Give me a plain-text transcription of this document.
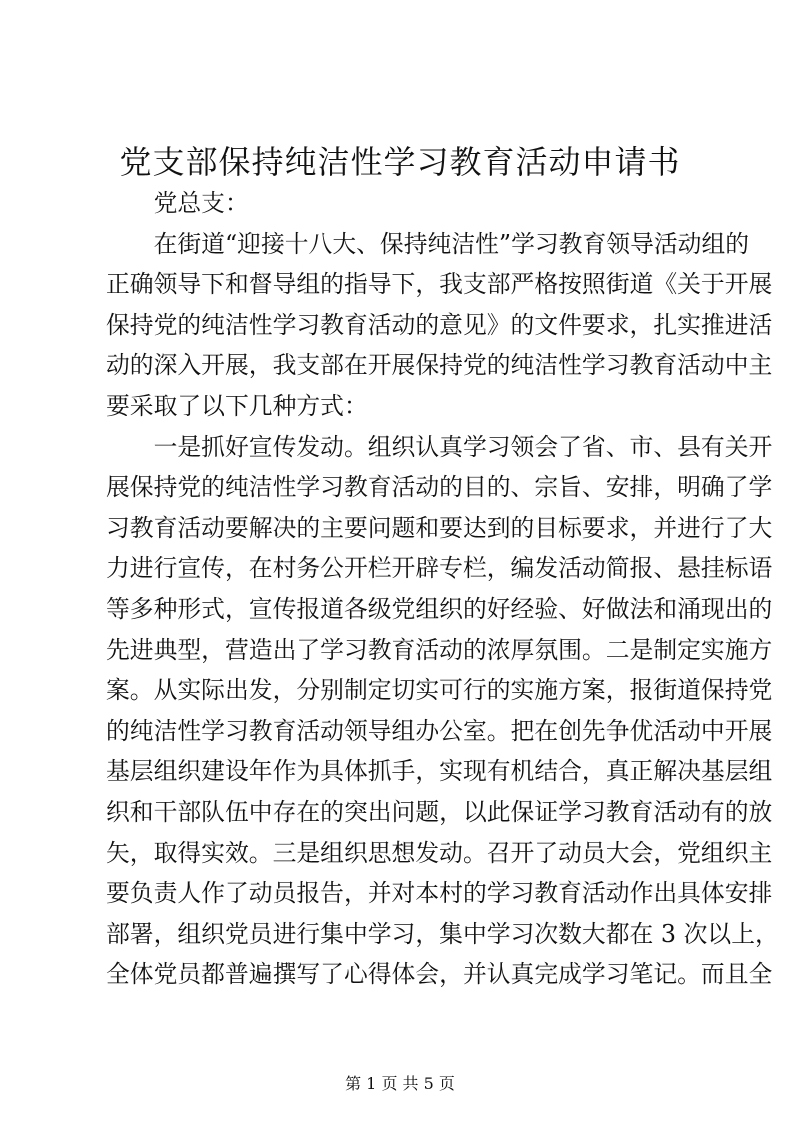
党支部保持纯洁性学习教育活动申请书
党总支：
在街道“迎接十八大、保持纯洁性”学习教育领导活动组的
正确领导下和督导组的指导下，我支部严格按照街道《关于开展
保持党的纯洁性学习教育活动的意见》的文件要求，扎实推进活
动的深入开展，我支部在开展保持党的纯洁性学习教育活动中主
要采取了以下几种方式：
一是抓好宣传发动。组织认真学习领会了省、市、县有关开
展保持党的纯洁性学习教育活动的目的、宗旨、安排，明确了学
习教育活动要解决的主要问题和要达到的目标要求，并进行了大
力进行宣传，在村务公开栏开辟专栏，编发活动简报、悬挂标语
等多种形式，宣传报道各级党组织的好经验、好做法和涌现出的
先进典型，营造出了学习教育活动的浓厚氛围。二是制定实施方
案。从实际出发，分别制定切实可行的实施方案，报街道保持党
的纯洁性学习教育活动领导组办公室。把在创先争优活动中开展
基层组织建设年作为具体抓手，实现有机结合，真正解决基层组
织和干部队伍中存在的突出问题，以此保证学习教育活动有的放
矢，取得实效。三是组织思想发动。召开了动员大会，党组织主
要负责人作了动员报告，并对本村的学习教育活动作出具体安排
部署，组织党员进行集中学习，集中学习次数大都在 3 次以上，
全体党员都普遍撰写了心得体会，并认真完成学习笔记。而且全
第 1 页 共 5 页
